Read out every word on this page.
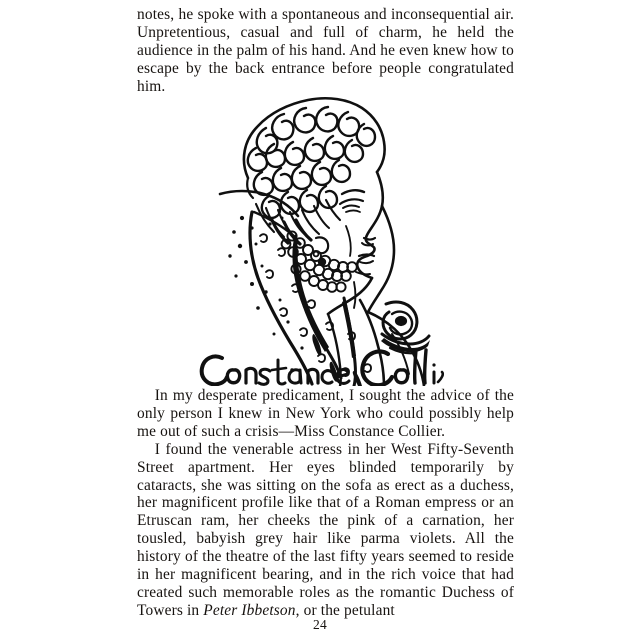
notes, he spoke with a spontaneous and inconsequential air. Unpretentious, casual and full of charm, he held the audience in the palm of his hand. And he even knew how to escape by the back entrance before people congratulated him.

In my desperate predicament, I sought the advice of the only person I knew in New York who could possibly help me out of such a crisis—Miss Constance Collier.

I found the venerable actress in her West Fifty-Seventh Street apartment. Her eyes blinded temporarily by cataracts, she was sitting on the sofa as erect as a duchess, her magnificent profile like that of a Roman empress or an Etruscan ram, her cheeks the pink of a carnation, her tousled, babyish grey hair like parma violets. All the history of the theatre of the last fifty years seemed to reside in her magnificent bearing, and in the rich voice that had created such memorable roles as the romantic Duchess of Towers in Peter Ibbetson, or the petulant

24
